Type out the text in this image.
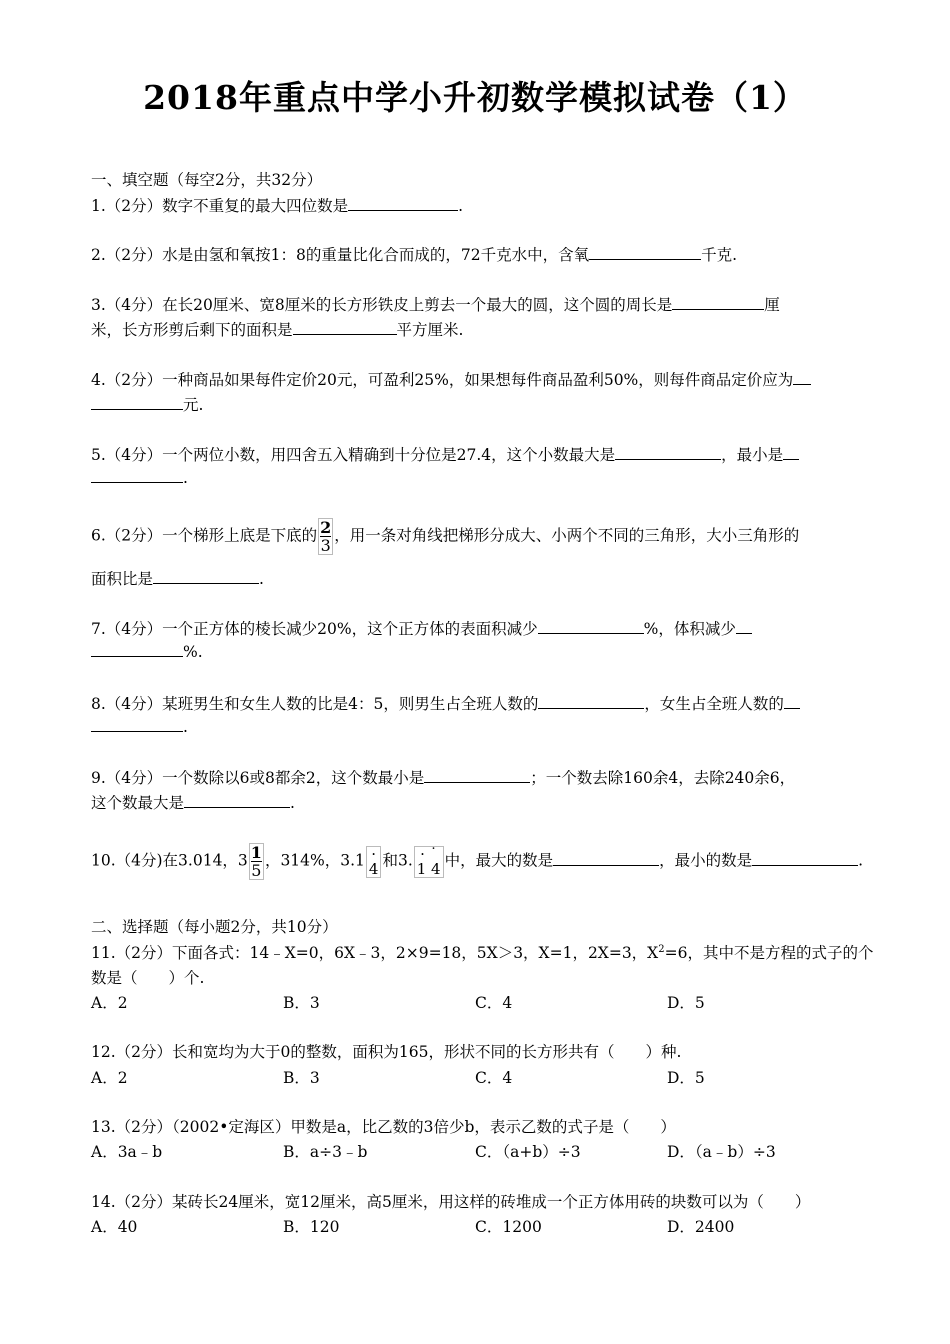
2018年重点中学小升初数学模拟试卷（1）
一、填空题（每空2分，共32分）
1.（2分）数字不重复的最大四位数是	.
2.（2分）水是由氢和氧按1：8的重量比化合而成的，72千克水中，含氧	千克.
3.（4分）在长20厘米、宽8厘米的长方形铁皮上剪去一个最大的圆，这个圆的周长是	厘
米，长方形剪后剩下的面积是	平方厘米.
4.（2分）一种商品如果每件定价20元，可盈利25%，如果想每件商品盈利50%，则每件商品定价应为
元.
5.（4分）一个两位小数，用四舍五入精确到十分位是27.4，这个小数最大是	，最小是
.
6.（2分）一个梯形上底是下底的 $\frac{2}{3}$ ，用一条对角线把梯形分成大、小两个不同的三角形，大小三角形的
面积比是	.
7.（4分）一个正方体的棱长减少20%，这个正方体的表面积减少	%，体积减少
%.
8.（4分）某班男生和女生人数的比是4：5，则男生占全班人数的	，女生占全班人数的
.
9.（4分）一个数除以6或8都余2，这个数最小是	；一个数去除160余4，去除240余6，
这个数最大是	.
10.（4分)在3.014，$3 \frac{1}{5}$ ，314%，3.1 ·
4 和3. · ˙
1 4 中，最大的数是	，最小的数是	.
二、选择题（每小题2分，共10分）
11.（2分）下面各式：14﹣X=0，6X﹣3，2×9=18，5X＞3，X=1，2X=3，$X^2=6$，其中不是方程的式子的个
数是（　　）个.
A．2	B．3	C．4	D．5
12.（2分）长和宽均为大于0的整数，面积为165，形状不同的长方形共有（　　）种.
A．2	B．3	C．4	D．5
13.（2分）（2002•定海区）甲数是a，比乙数的3倍少b，表示乙数的式子是（　　）
A．3a﹣b	B．a÷3﹣b	C．（a+b）÷3	D．（a﹣b）÷3
14.（2分）某砖长24厘米，宽12厘米，高5厘米，用这样的砖堆成一个正方体用砖的块数可以为（　　）
A．40	B．120	C．1200	D．2400
